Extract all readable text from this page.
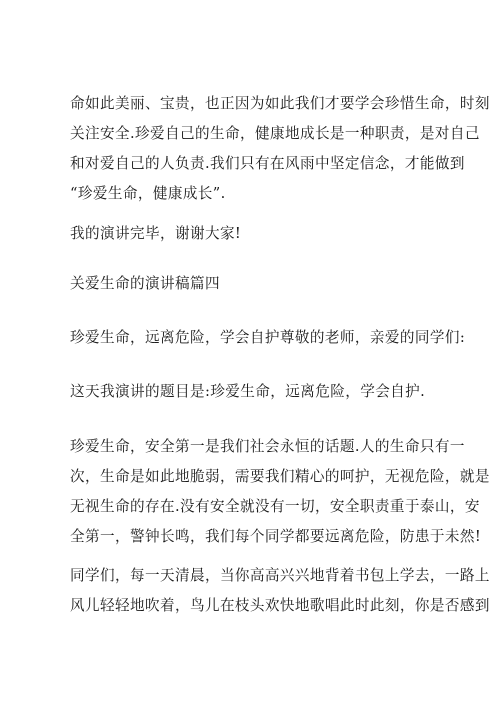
命如此美丽、宝贵，也正因为如此我们才要学会珍惜生命，时刻
关注安全.珍爱自己的生命，健康地成长是一种职责，是对自己
和对爱自己的人负责.我们只有在风雨中坚定信念，才能做到
“珍爱生命，健康成长”.
我的演讲完毕，谢谢大家!
关爱生命的演讲稿篇四
珍爱生命，远离危险，学会自护尊敬的老师，亲爱的同学们:
这天我演讲的题目是:珍爱生命，远离危险，学会自护.
珍爱生命，安全第一是我们社会永恒的话题.人的生命只有一
次，生命是如此地脆弱，需要我们精心的呵护，无视危险，就是
无视生命的存在.没有安全就没有一切，安全职责重于泰山，安
全第一，警钟长鸣，我们每个同学都要远离危险，防患于未然!
同学们，每一天清晨，当你高高兴兴地背着书包上学去，一路上
风儿轻轻地吹着，鸟儿在枝头欢快地歌唱此时此刻，你是否感到
